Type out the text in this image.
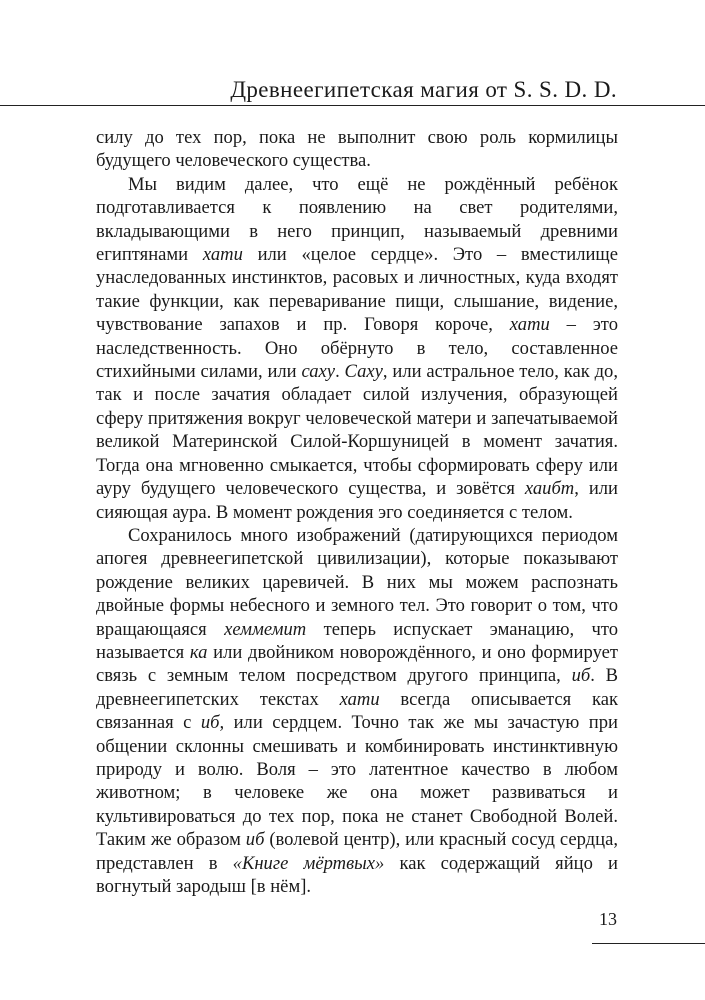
Древнеегипетская магия от S. S. D. D.

силу до тех пор, пока не выполнит свою роль кормилицы будущего человеческого существа.

Мы видим далее, что ещё не рождённый ребёнок подготавливается к появлению на свет родителями, вкладывающими в него принцип, называемый древними египтянами хати или «целое сердце». Это – вместилище унаследованных инстинктов, расовых и личностных, куда входят такие функции, как переваривание пищи, слышание, видение, чувствование запахов и пр. Говоря короче, хати – это наследственность. Оно обёрнуто в тело, составленное стихийными силами, или саху. Саху, или астральное тело, как до, так и после зачатия обладает силой излучения, образующей сферу притяжения вокруг человеческой матери и запечатываемой великой Материнской Силой-Коршуницей в момент зачатия. Тогда она мгновенно смыкается, чтобы сформировать сферу или ауру будущего человеческого существа, и зовётся хаибт, или сияющая аура. В момент рождения эго соединяется с телом.

Сохранилось много изображений (датирующихся периодом апогея древнеегипетской цивилизации), которые показывают рождение великих царевичей. В них мы можем распознать двойные формы небесного и земного тел. Это говорит о том, что вращающаяся хеммемит теперь испускает эманацию, что называется ка или двойником новорождённого, и оно формирует связь с земным телом посредством другого принципа, иб. В древнеегипетских текстах хати всегда описывается как связанная с иб, или сердцем. Точно так же мы зачастую при общении склонны смешивать и комбинировать инстинктивную природу и волю. Воля – это латентное качество в любом животном; в человеке же она может развиваться и культивироваться до тех пор, пока не станет Свободной Волей. Таким же образом иб (волевой центр), или красный сосуд сердца, представлен в «Книге мёртвых» как содержащий яйцо и вогнутый зародыш [в нём].

13
